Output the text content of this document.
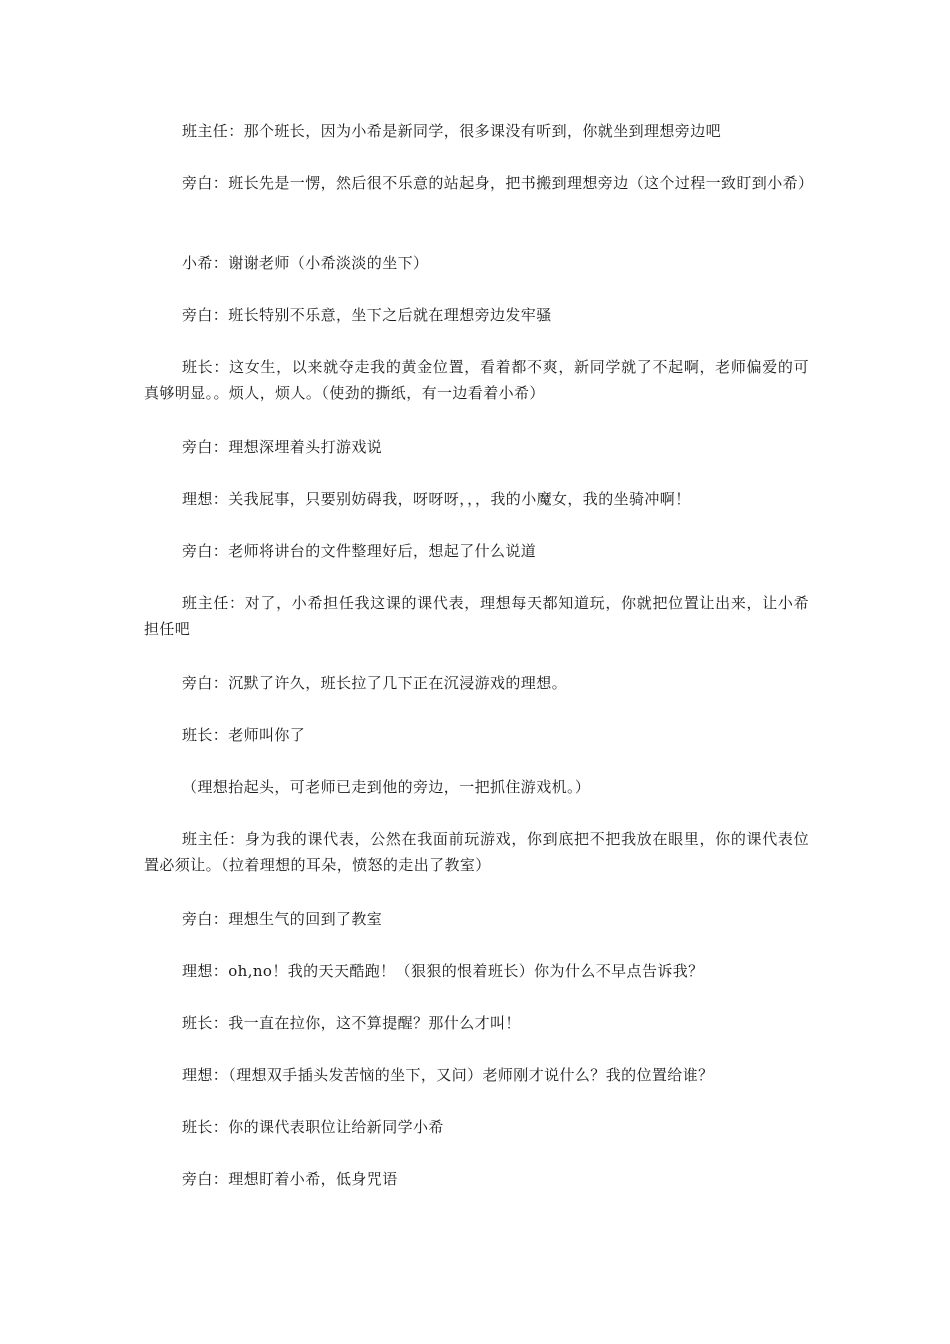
班主任：那个班长，因为小希是新同学，很多课没有听到，你就坐到理想旁边吧

旁白：班长先是一愣，然后很不乐意的站起身，把书搬到理想旁边（这个过程一致盯到小希）

小希：谢谢老师（小希淡淡的坐下）

旁白：班长特别不乐意，坐下之后就在理想旁边发牢骚

班长：这女生，以来就夺走我的黄金位置，看着都不爽，新同学就了不起啊，老师偏爱的可真够明显。。烦人，烦人。（使劲的撕纸，有一边看着小希）

旁白：理想深埋着头打游戏说

理想：关我屁事，只要别妨碍我，呀呀呀，，，我的小魔女，我的坐骑冲啊！

旁白：老师将讲台的文件整理好后，想起了什么说道

班主任：对了，小希担任我这课的课代表，理想每天都知道玩，你就把位置让出来，让小希担任吧

旁白：沉默了许久，班长拉了几下正在沉浸游戏的理想。

班长：老师叫你了

（理想抬起头，可老师已走到他的旁边，一把抓住游戏机。）

班主任：身为我的课代表，公然在我面前玩游戏，你到底把不把我放在眼里，你的课代表位置必须让。（拉着理想的耳朵，愤怒的走出了教室）

旁白：理想生气的回到了教室

理想：oh,no！我的天天酷跑！（狠狠的恨着班长）你为什么不早点告诉我？

班长：我一直在拉你，这不算提醒？那什么才叫！

理想：（理想双手插头发苦恼的坐下，又问）老师刚才说什么？我的位置给谁？

班长：你的课代表职位让给新同学小希

旁白：理想盯着小希，低身咒语
